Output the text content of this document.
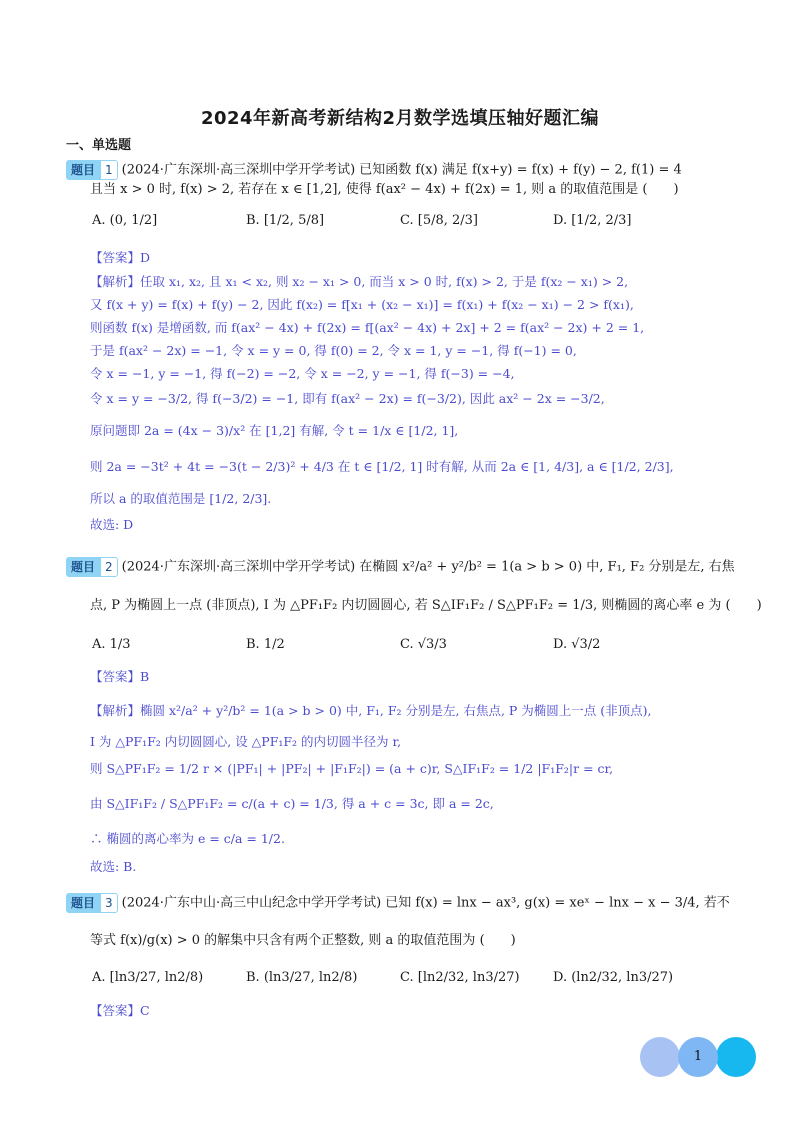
2024年新高考新结构2月数学选填压轴好题汇编
一、单选题
题目 1 (2024·广东深圳·高三深圳中学开学考试) 已知函数 f(x) 满足 f(x+y) = f(x) + f(y) − 2, f(1) = 4
且当 x > 0 时, f(x) > 2, 若存在 x ∈ [1,2], 使得 f(ax² − 4x) + f(2x) = 1, 则 a 的取值范围是 (　　)
A. (0, 1/2]	B. [1/2, 5/8]	C. [5/8, 2/3]	D. [1/2, 2/3]
【答案】D
【解析】任取 x₁, x₂, 且 x₁ < x₂, 则 x₂ − x₁ > 0, 而当 x > 0 时, f(x) > 2, 于是 f(x₂ − x₁) > 2,
又 f(x + y) = f(x) + f(y) − 2, 因此 f(x₂) = f[x₁ + (x₂ − x₁)] = f(x₁) + f(x₂ − x₁) − 2 > f(x₁),
则函数 f(x) 是增函数, 而 f(ax² − 4x) + f(2x) = f[(ax² − 4x) + 2x] + 2 = f(ax² − 2x) + 2 = 1,
于是 f(ax² − 2x) = −1, 令 x = y = 0, 得 f(0) = 2, 令 x = 1, y = −1, 得 f(−1) = 0,
令 x = −1, y = −1, 得 f(−2) = −2, 令 x = −2, y = −1, 得 f(−3) = −4,
令 x = y = −3/2, 得 f(−3/2) = −1, 即有 f(ax² − 2x) = f(−3/2), 因此 ax² − 2x = −3/2,
原问题即 2a = (4x − 3)/x² 在 [1,2] 有解, 令 t = 1/x ∈ [1/2, 1],
则 2a = −3t² + 4t = −3(t − 2/3)² + 4/3 在 t ∈ [1/2, 1] 时有解, 从而 2a ∈ [1, 4/3], a ∈ [1/2, 2/3],
所以 a 的取值范围是 [1/2, 2/3].
故选: D
题目 2 (2024·广东深圳·高三深圳中学开学考试) 在椭圆 x²/a² + y²/b² = 1(a > b > 0) 中, F₁, F₂ 分别是左, 右焦
点, P 为椭圆上一点 (非顶点), I 为 △PF₁F₂ 内切圆圆心, 若 S△IF₁F₂ / S△PF₁F₂ = 1/3, 则椭圆的离心率 e 为 (　　)
A. 1/3	B. 1/2	C. √3/3	D. √3/2
【答案】B
【解析】椭圆 x²/a² + y²/b² = 1(a > b > 0) 中, F₁, F₂ 分别是左, 右焦点, P 为椭圆上一点 (非顶点),
I 为 △PF₁F₂ 内切圆圆心, 设 △PF₁F₂ 的内切圆半径为 r,
则 S△PF₁F₂ = 1/2 r × (|PF₁| + |PF₂| + |F₁F₂|) = (a + c)r, S△IF₁F₂ = 1/2 |F₁F₂|r = cr,
由 S△IF₁F₂ / S△PF₁F₂ = c/(a + c) = 1/3, 得 a + c = 3c, 即 a = 2c,
∴ 椭圆的离心率为 e = c/a = 1/2.
故选: B.
题目 3 (2024·广东中山·高三中山纪念中学开学考试) 已知 f(x) = lnx − ax³, g(x) = xeˣ − lnx − x − 3/4, 若不
等式 f(x)/g(x) > 0 的解集中只含有两个正整数, 则 a 的取值范围为 (　　)
A. [ln3/27, ln2/8)	B. (ln3/27, ln2/8)	C. [ln2/32, ln3/27)	D. (ln2/32, ln3/27)
【答案】C
1
